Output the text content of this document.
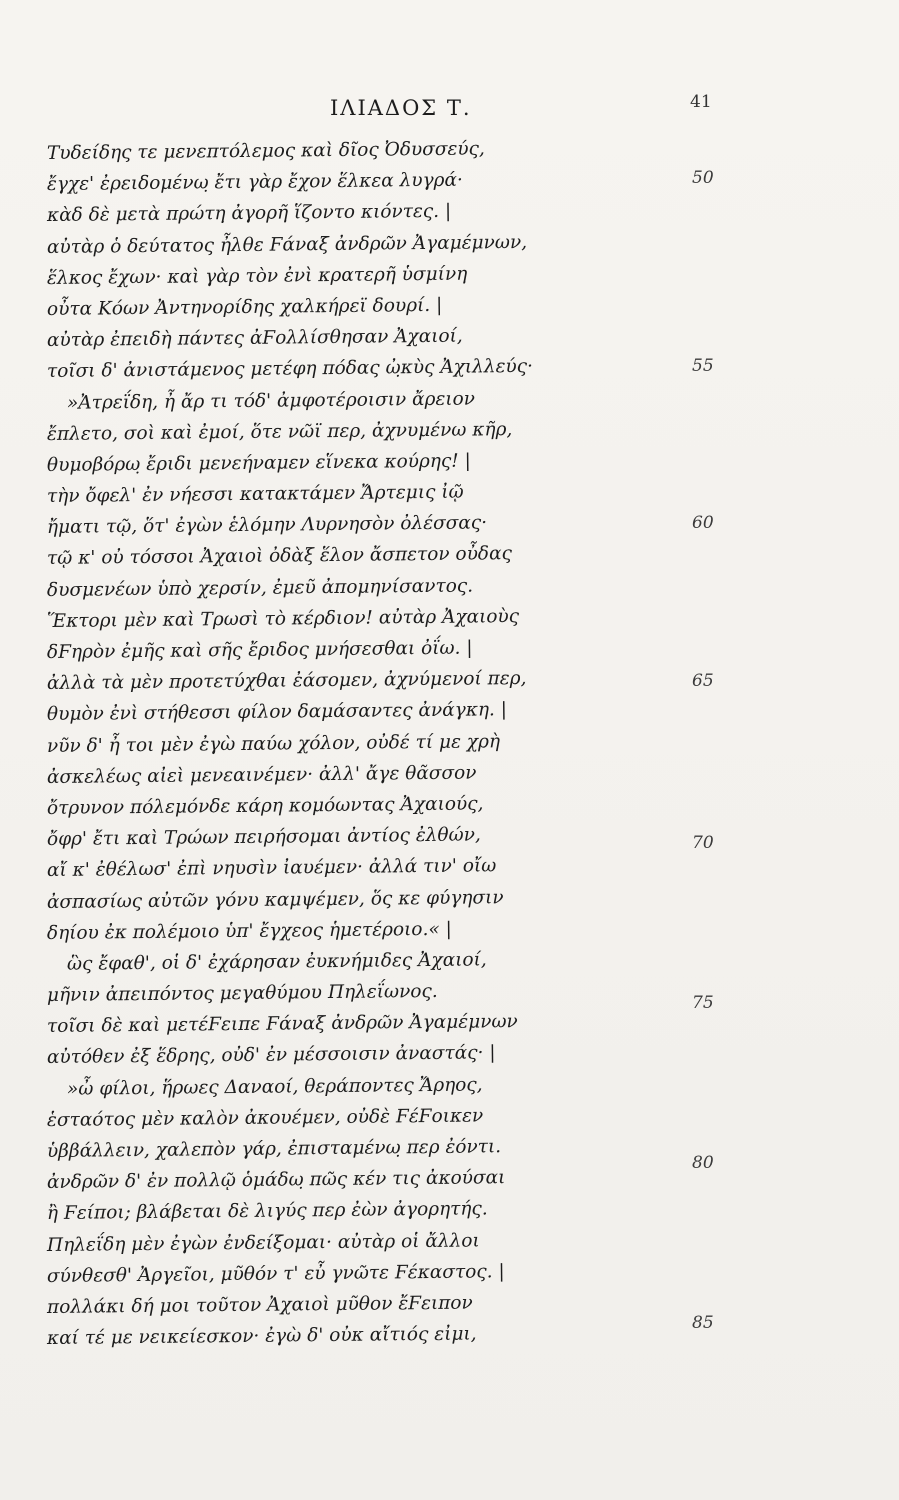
ΙΛΙΑΔΟΣ Τ.	41
Τυδείδης τε μενεπτόλεμος καὶ δῖος Ὀδυσσεύς,
ἔγχε' ἐρειδομένω̣ ἔτι γὰρ ἔχον ἕλκεα λυγρά·
κὰδ δὲ μετὰ πρώτη̣ ἀγορῆ̣ ἵζοντο κιόντες. |
αὐτὰρ ὁ δεύτατος ἦλθε Ϝάναξ ἀνδρῶν Ἀγαμέμνων,
ἕλκος ἔχων· καὶ γὰρ τὸν ἐνὶ κρατερῆ̣ ὑσμίνη̣
οὖτα Κόων Ἀντηνορίδης χαλκήρεϊ δουρί. |
αὐτὰρ ἐπειδὴ πάντες ἀϜολλίσθησαν Ἀχαιοί,
τοῖσι δ' ἀνιστάμενος μετέφη πόδας ὠ̣κὺς Ἀχιλλεύς·
»Ἀτρεΐδη, ἦ ἄρ τι τόδ' ἀμφοτέροισιν ἄρειον
ἔπλετο, σοὶ καὶ ἐμοί, ὅτε νῶϊ περ, ἀχνυμένω κῆρ,
θυμοβόρω̣ ἔριδι μενεήναμεν εἵνεκα κούρης! |
τὴν ὄφελ' ἐν νήεσσι κατακτάμεν Ἄρτεμις ἰῷ
ἤματι τῷ, ὅτ' ἐγὼν ἑλόμην Λυρνησὸν ὀλέσσας·
τῷ κ' οὐ τόσσοι Ἀχαιοὶ ὀδὰξ ἕλον ἄσπετον οὖδας
δυσμενέων ὑπὸ χερσίν, ἐμεῦ ἀπομηνίσαντος.
Ἕκτορι μὲν καὶ Τρωσὶ τὸ κέρδιον! αὐτὰρ Ἀχαιοὺς
δϜηρὸν ἐμῆς καὶ σῆς ἔριδος μνήσεσθαι ὀΐω. |
ἀλλὰ τὰ μὲν προτετύχθαι ἐάσομεν, ἀχνύμενοί περ,
θυμὸν ἐνὶ στήθεσσι φίλον δαμάσαντες ἀνάγκη. |
νῦν δ' ἦ τοι μὲν ἐγὼ παύω χόλον, οὐδέ τί με χρὴ
ἀσκελέως αἰεὶ μενεαινέμεν· ἀλλ' ἄγε θᾶσσον
ὄτρυνον πόλεμόνδε κάρη κομόωντας Ἀχαιούς,
ὄφρ' ἔτι καὶ Τρώων πειρήσομαι ἀντίος ἐλθών,
αἴ κ' ἐθέλωσ' ἐπὶ νηυσὶν ἰαυέμεν· ἀλλά τιν' οἴω
ἀσπασίως αὐτῶν γόνυ καμψέμεν, ὅς κε φύγησιν
δηίου ἐκ πολέμοιο ὑπ' ἔγχεος ἡμετέροιο.« |
ὣς ἔφαθ', οἱ δ' ἐχάρησαν ἐυκνήμιδες Ἀχαιοί,
μῆνιν ἀπειπόντος μεγαθύμου Πηλεΐωνος.
τοῖσι δὲ καὶ μετέϜειπε Ϝάναξ ἀνδρῶν Ἀγαμέμνων
αὐτόθεν ἐξ ἕδρης, οὐδ' ἐν μέσσοισιν ἀναστάς· |
»ὦ φίλοι, ἥρωες Δαναοί, θεράποντες Ἄρηος,
ἑσταότος μὲν καλὸν ἀκουέμεν, οὐδὲ ϜέϜοικεν
ὑββάλλειν, χαλεπὸν γάρ, ἐπισταμένω̣ περ ἐόντι.
ἀνδρῶν δ' ἐν πολλῷ ὁμάδω̣ πῶς κέν τις ἀκούσαι
ἢ Ϝείποι; βλάβεται δὲ λιγύς περ ἐὼν ἀγορητής.
Πηλεΐδη μὲν ἐγὼν ἐνδείξομαι· αὐτὰρ οἱ ἄλλοι
σύνθεσθ' Ἀργεῖοι, μῦθόν τ' εὖ γνῶτε Ϝέκαστος. |
πολλάκι δή μοι τοῦτον Ἀχαιοὶ μῦθον ἔϜειπον
καί τέ με νεικείεσκον· ἐγὼ δ' οὐκ αἴτιός εἰμι,
50
55
60
65
70
75
80
85
